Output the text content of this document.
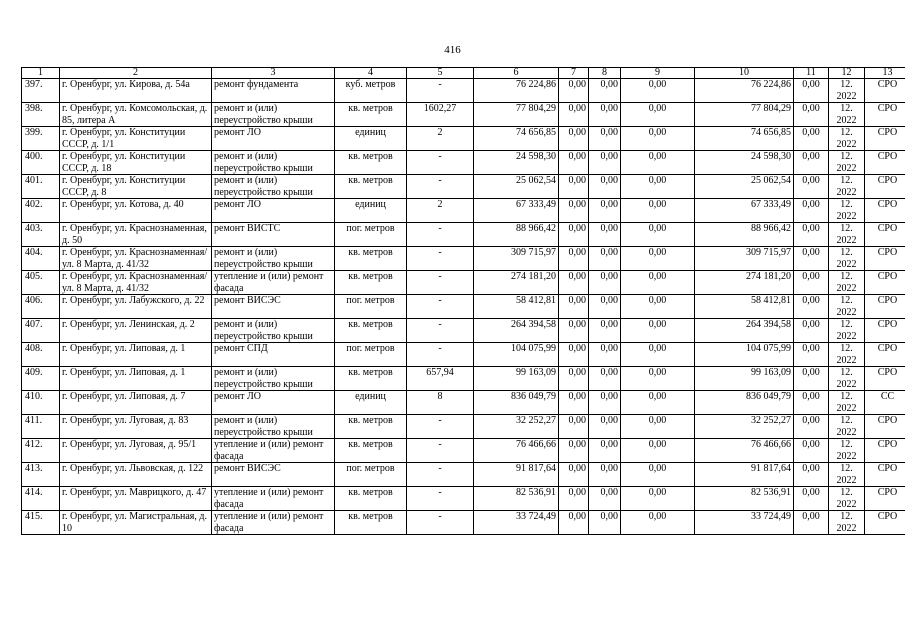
416
1	2	3	4	5	6	7	8	9	10	11	12	13
397.	г. Оренбург, ул. Кирова, д. 54а	ремонт фундамента	куб. метров	-	76 224,86	0,00	0,00	0,00	76 224,86	0,00	12. 2022	СРО
398.	г. Оренбург, ул. Комсомольская, д. 85, литера А	ремонт и (или) переустройство крыши	кв. метров	1602,27	77 804,29	0,00	0,00	0,00	77 804,29	0,00	12. 2022	СРО
399.	г. Оренбург, ул. Конституции СССР, д. 1/1	ремонт ЛО	единиц	2	74 656,85	0,00	0,00	0,00	74 656,85	0,00	12. 2022	СРО
400.	г. Оренбург, ул. Конституции СССР, д. 18	ремонт и (или) переустройство крыши	кв. метров	-	24 598,30	0,00	0,00	0,00	24 598,30	0,00	12. 2022	СРО
401.	г. Оренбург, ул. Конституции СССР, д. 8	ремонт и (или) переустройство крыши	кв. метров	-	25 062,54	0,00	0,00	0,00	25 062,54	0,00	12. 2022	СРО
402.	г. Оренбург, ул. Котова, д. 40	ремонт ЛО	единиц	2	67 333,49	0,00	0,00	0,00	67 333,49	0,00	12. 2022	СРО
403.	г. Оренбург, ул. Краснознаменная, д. 50	ремонт ВИСТС	пог. метров	-	88 966,42	0,00	0,00	0,00	88 966,42	0,00	12. 2022	СРО
404.	г. Оренбург, ул. Краснознаменная/ ул. 8 Марта, д. 41/32	ремонт и (или) переустройство крыши	кв. метров	-	309 715,97	0,00	0,00	0,00	309 715,97	0,00	12. 2022	СРО
405.	г. Оренбург, ул. Краснознаменная/ ул. 8 Марта, д. 41/32	утепление и (или) ремонт фасада	кв. метров	-	274 181,20	0,00	0,00	0,00	274 181,20	0,00	12. 2022	СРО
406.	г. Оренбург, ул. Лабужского, д. 22	ремонт ВИСЭС	пог. метров	-	58 412,81	0,00	0,00	0,00	58 412,81	0,00	12. 2022	СРО
407.	г. Оренбург, ул. Ленинская, д. 2	ремонт и (или) переустройство крыши	кв. метров	-	264 394,58	0,00	0,00	0,00	264 394,58	0,00	12. 2022	СРО
408.	г. Оренбург, ул. Липовая, д. 1	ремонт СПД	пог. метров	-	104 075,99	0,00	0,00	0,00	104 075,99	0,00	12. 2022	СРО
409.	г. Оренбург, ул. Липовая, д. 1	ремонт и (или) переустройство крыши	кв. метров	657,94	99 163,09	0,00	0,00	0,00	99 163,09	0,00	12. 2022	СРО
410.	г. Оренбург, ул. Липовая, д. 7	ремонт ЛО	единиц	8	836 049,79	0,00	0,00	0,00	836 049,79	0,00	12. 2022	СС
411.	г. Оренбург, ул. Луговая, д. 83	ремонт и (или) переустройство крыши	кв. метров	-	32 252,27	0,00	0,00	0,00	32 252,27	0,00	12. 2022	СРО
412.	г. Оренбург, ул. Луговая, д. 95/1	утепление и (или) ремонт фасада	кв. метров	-	76 466,66	0,00	0,00	0,00	76 466,66	0,00	12. 2022	СРО
413.	г. Оренбург, ул. Львовская, д. 122	ремонт ВИСЭС	пог. метров	-	91 817,64	0,00	0,00	0,00	91 817,64	0,00	12. 2022	СРО
414.	г. Оренбург, ул. Маврицкого, д. 47	утепление и (или) ремонт фасада	кв. метров	-	82 536,91	0,00	0,00	0,00	82 536,91	0,00	12. 2022	СРО
415.	г. Оренбург, ул. Магистральная, д. 10	утепление и (или) ремонт фасада	кв. метров	-	33 724,49	0,00	0,00	0,00	33 724,49	0,00	12. 2022	СРО
